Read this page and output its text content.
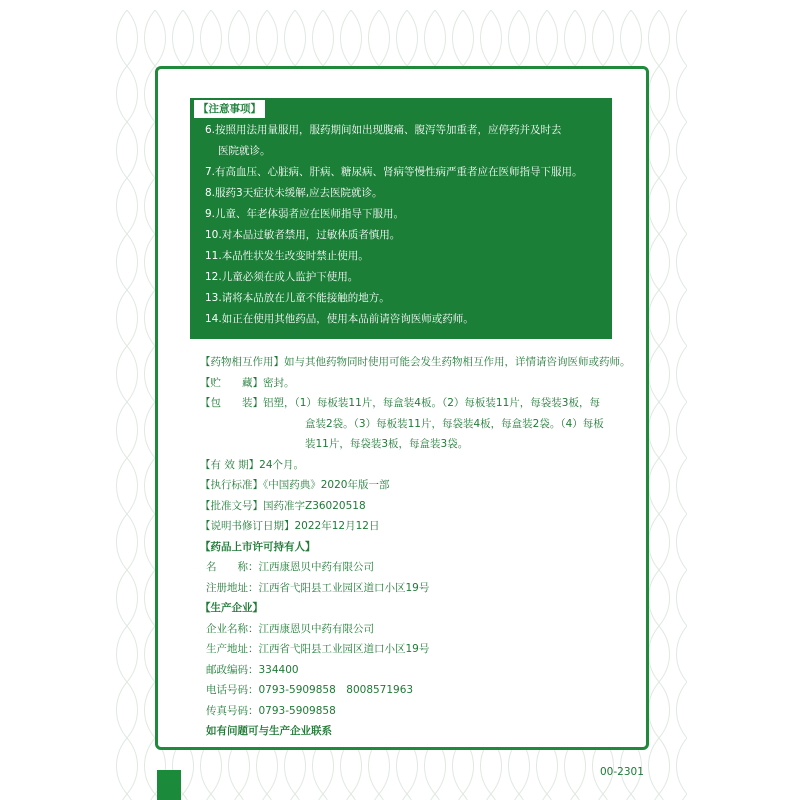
【注意事项】
6.按照用法用量服用，服药期间如出现腹痛、腹泻等加重者，应停药并及时去
医院就诊。
7.有高血压、心脏病、肝病、糖尿病、肾病等慢性病严重者应在医师指导下服用。
8.服药3天症状未缓解,应去医院就诊。
9.儿童、年老体弱者应在医师指导下服用。
10.对本品过敏者禁用，过敏体质者慎用。
11.本品性状发生改变时禁止使用。
12.儿童必须在成人监护下使用。
13.请将本品放在儿童不能接触的地方。
14.如正在使用其他药品，使用本品前请咨询医师或药师。
【药物相互作用】如与其他药物同时使用可能会发生药物相互作用，详情请咨询医师或药师。
【贮　　藏】密封。
【包　　装】铝塑，（1）每板装11片，每盒装4板。（2）每板装11片，每袋装3板，每
盒装2袋。（3）每板装11片，每袋装4板，每盒装2袋。（4）每板
装11片，每袋装3板，每盒装3袋。
【有 效 期】24个月。
【执行标准】《中国药典》2020年版一部
【批准文号】国药准字Z36020518
【说明书修订日期】2022年12月12日
【药品上市许可持有人】
名　　称：江西康恩贝中药有限公司
注册地址：江西省弋阳县工业园区道口小区19号
【生产企业】
企业名称：江西康恩贝中药有限公司
生产地址：江西省弋阳县工业园区道口小区19号
邮政编码：334400
电话号码：0793-5909858　8008571963
传真号码：0793-5909858
如有问题可与生产企业联系
00-2301
